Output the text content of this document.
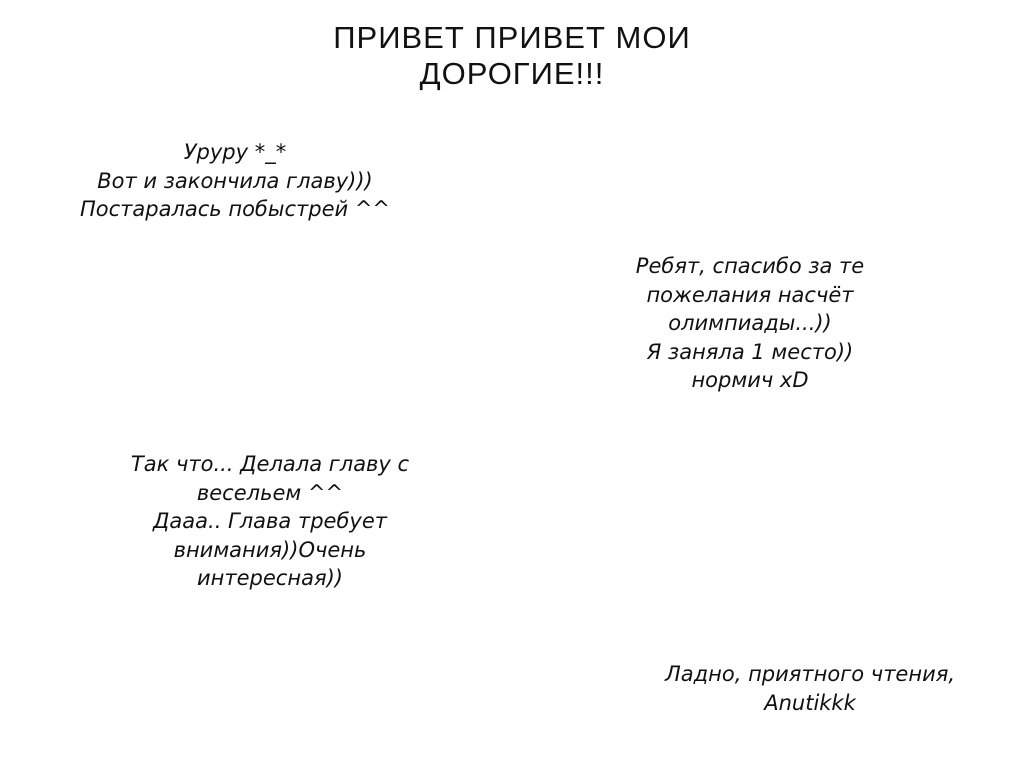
ПРИВЕТ ПРИВЕТ МОИ
ДОРОГИЕ!!!
Уруру *_*
Вот и закончила главу)))
Постаралась побыстрей ^^
Ребят, спасибо за те
пожелания насчёт
олимпиады...))
Я заняла 1 место))
нормич xD
Так что... Делала главу с
весельем ^^
Дааа.. Глава требует
внимания))Очень
интересная))
Ладно, приятного чтения,
Anutikkk
